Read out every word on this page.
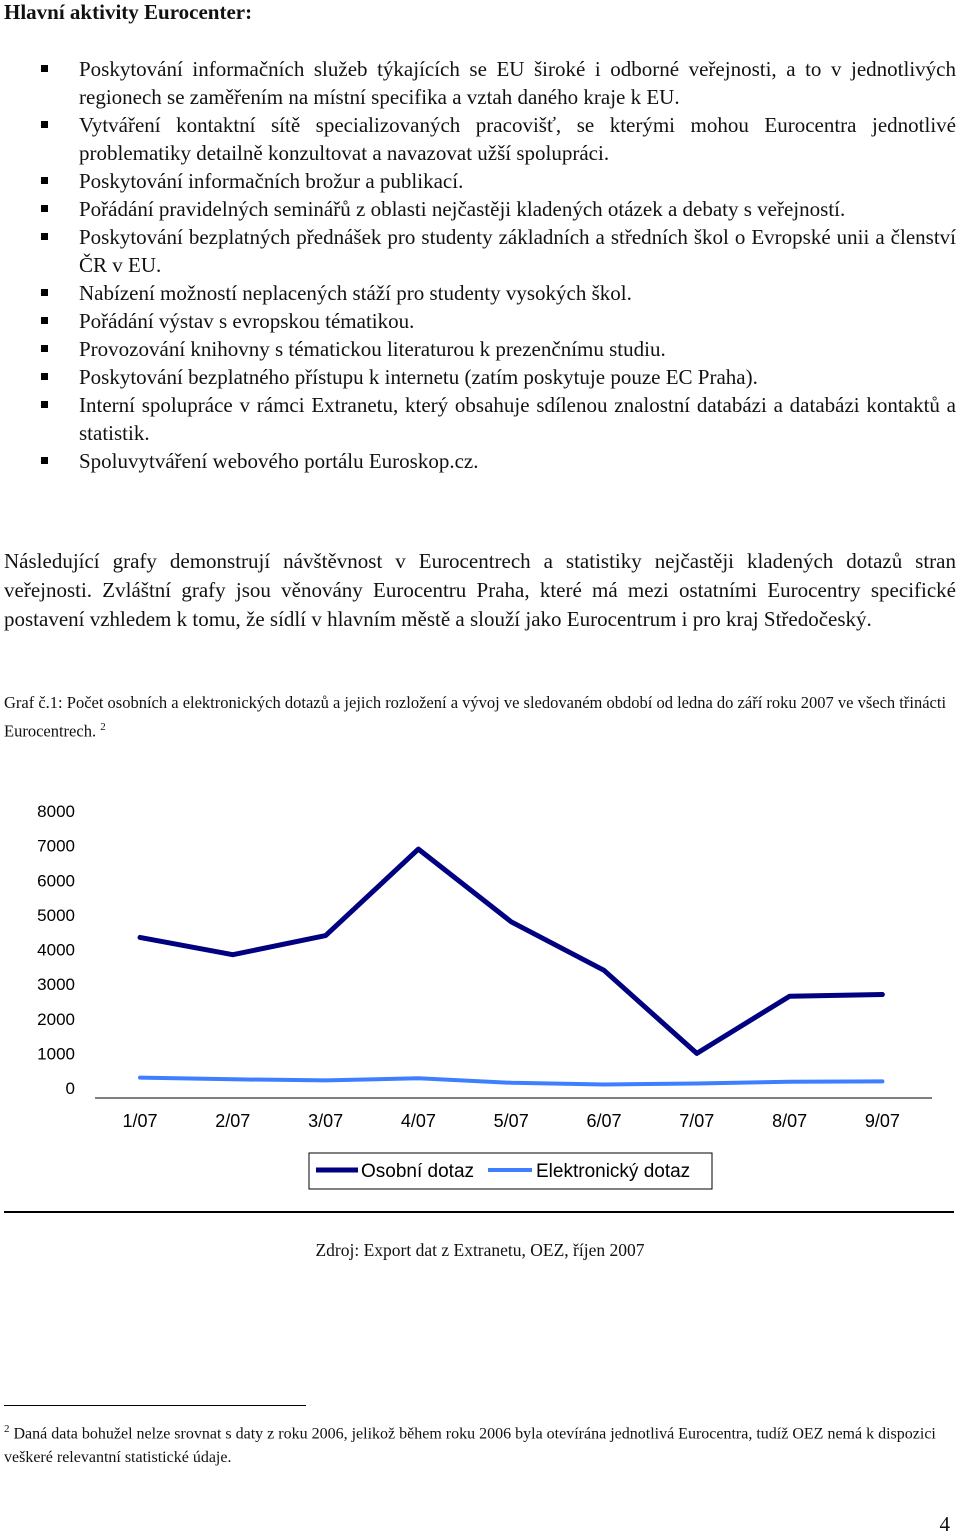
Hlavní aktivity Eurocenter:
Poskytování informačních služeb týkajících se EU široké i odborné veřejnosti, a to v jednotlivých regionech se zaměřením na místní specifika a vztah daného kraje k EU.
Vytváření kontaktní sítě specializovaných pracovišť, se kterými mohou Eurocentra jednotlivé problematiky detailně konzultovat a navazovat užší spolupráci.
Poskytování informačních brožur a publikací.
Pořádání pravidelných seminářů z oblasti nejčastěji kladených otázek a debaty s veřejností.
Poskytování bezplatných přednášek pro studenty základních a středních škol o Evropské unii a členství ČR v EU.
Nabízení možností neplacených stáží pro studenty vysokých škol.
Pořádání výstav s evropskou tématikou.
Provozování knihovny s tématickou literaturou k prezenčnímu studiu.
Poskytování bezplatného přístupu k internetu (zatím poskytuje pouze EC Praha).
Interní spolupráce v rámci Extranetu, který obsahuje sdílenou znalostní databázi a databázi kontaktů a statistik.
Spoluvytváření webového portálu Euroskop.cz.

Následující grafy demonstrují návštěvnost v Eurocentrech a statistiky nejčastěji kladených dotazů stran veřejnosti. Zvláštní grafy jsou věnovány Eurocentru Praha, které má mezi ostatními Eurocentry specifické postavení vzhledem k tomu, že sídlí v hlavním městě a slouží jako Eurocentrum i pro kraj Středočeský.

Graf č.1: Počet osobních a elektronických dotazů a jejich rozložení a vývoj ve sledovaném období od ledna do září roku 2007 ve všech třinácti Eurocentrech. $^2$

0
1000
2000
3000
4000
5000
6000
7000
8000
1/07	2/07	3/07	4/07	5/07	6/07	7/07	8/07	9/07
Osobní dotaz	Elektronický dotaz
Zdroj: Export dat z Extranetu, OEZ, říjen 2007

$^2$ Daná data bohužel nelze srovnat s daty z roku 2006, jelikož během roku 2006 byla otevírána jednotlivá Eurocentra, tudíž OEZ nemá k dispozici veškeré relevantní statistické údaje.

4
